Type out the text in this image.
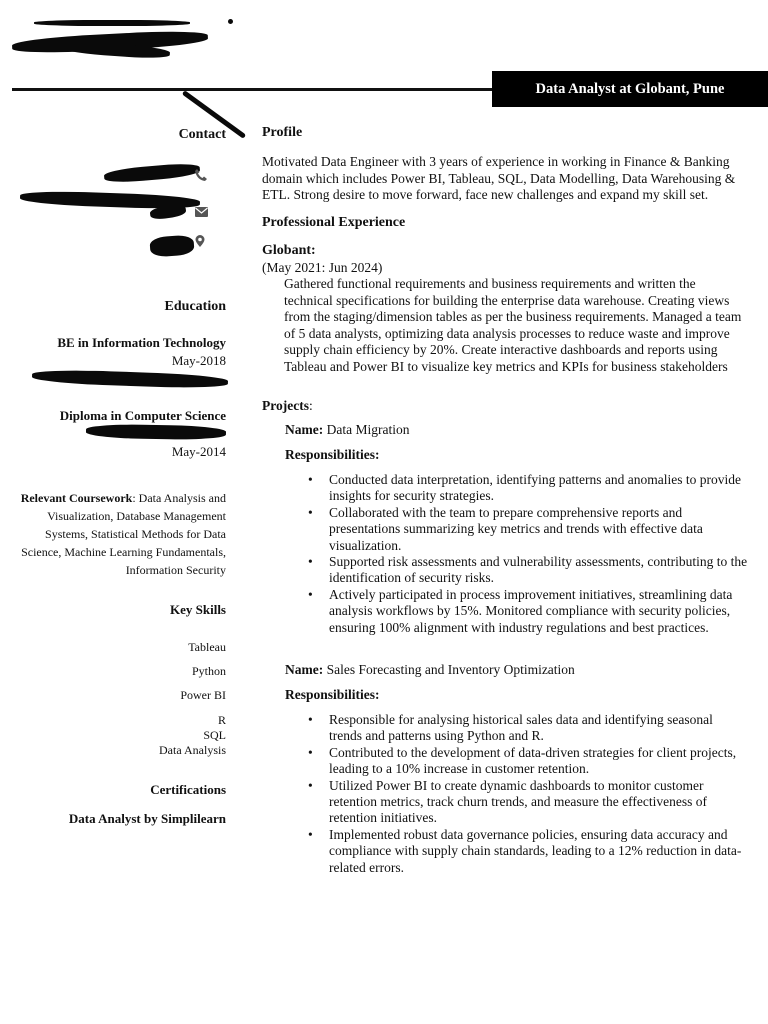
Data Analyst at Globant, Pune
Contact
Education
BE in Information Technology
May-2018
Diploma in Computer Science
May-2014
Relevant Coursework: Data Analysis and Visualization, Database Management Systems, Statistical Methods for Data Science, Machine Learning Fundamentals, Information Security
Key Skills
Tableau
Python
Power BI
R
SQL
Data Analysis
Certifications
Data Analyst by Simplilearn
Profile
Motivated Data Engineer with 3 years of experience in working in Finance & Banking domain which includes Power BI, Tableau, SQL, Data Modelling, Data Warehousing & ETL. Strong desire to move forward, face new challenges and expand my skill set.
Professional Experience
Globant:
(May 2021: Jun 2024)
Gathered functional requirements and business requirements and written the technical specifications for building the enterprise data warehouse. Creating views from the staging/dimension tables as per the business requirements. Managed a team of 5 data analysts, optimizing data analysis processes to reduce waste and improve supply chain efficiency by 20%. Create interactive dashboards and reports using Tableau and Power BI to visualize key metrics and KPIs for business stakeholders
Projects:
Name: Data Migration
Responsibilities:
• Conducted data interpretation, identifying patterns and anomalies to provide insights for security strategies.
• Collaborated with the team to prepare comprehensive reports and presentations summarizing key metrics and trends with effective data visualization.
• Supported risk assessments and vulnerability assessments, contributing to the identification of security risks.
• Actively participated in process improvement initiatives, streamlining data analysis workflows by 15%. Monitored compliance with security policies, ensuring 100% alignment with industry regulations and best practices.
Name: Sales Forecasting and Inventory Optimization
Responsibilities:
• Responsible for analysing historical sales data and identifying seasonal trends and patterns using Python and R.
• Contributed to the development of data-driven strategies for client projects, leading to a 10% increase in customer retention.
• Utilized Power BI to create dynamic dashboards to monitor customer retention metrics, track churn trends, and measure the effectiveness of retention initiatives.
• Implemented robust data governance policies, ensuring data accuracy and compliance with supply chain standards, leading to a 12% reduction in data-related errors.
